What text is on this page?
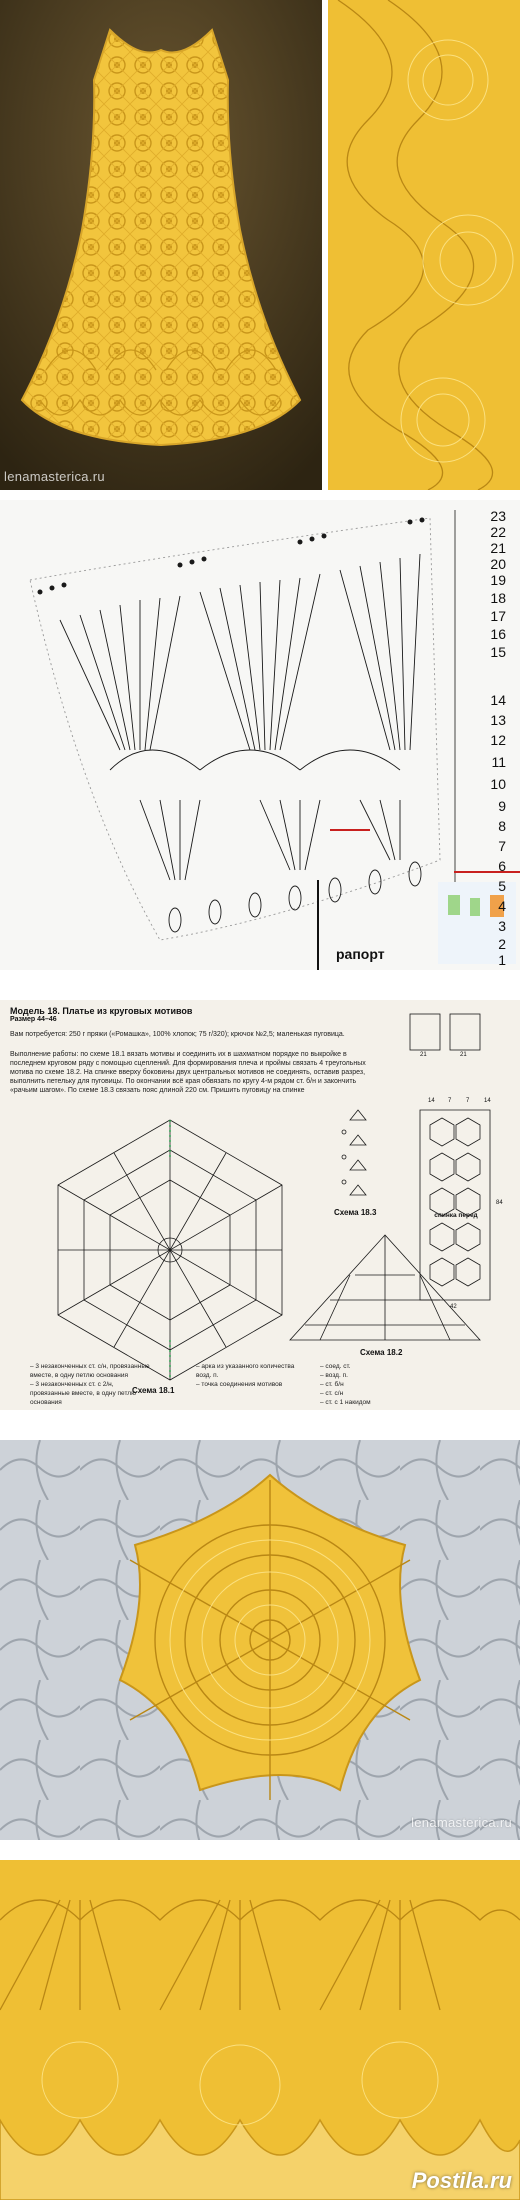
lenamasterica.ru
23
22
21
20
19
18
17
16
15
14
13
12
11
10
9
8
7
6
5
4
3
2
1
рапорт
Модель 18. Платье из круговых мотивов
Размер 44–46
Вам потребуется: 250 г пряжи («Ромашка», 100% хлопок; 75 г/320); крючок №2,5; маленькая пуговица.
Выполнение работы: по схеме 18.1 вязать мотивы и соединить их в шахматном порядке по выкройке в последнем круговом ряду с помощью сцеплений. Для формирования плеча и проймы связать 4 треугольных мотива по схеме 18.2. На спинке вверху боковины двух центральных мотивов не соединять, оставив разрез, выполнить петельку для пуговицы. По окончании всё края обвязать по кругу 4-м рядом ст. б/н и закончить «рачьим шагом». По схеме 18.3 связать пояс длиной 220 см. Пришить пуговицу на спинке
Схема 18.1
Схема 18.2
Схема 18.3	спинка перед
14 7 7 14
21	21
42
84
– 3 незаконченных ст. с/н, провязанные вместе, в одну петлю основания
– 3 незаконченных ст. с 2/н, провязанные вместе, в одну петлю основания
– арка из указанного количества возд. п.
– точка соединения мотивов
– соед. ст.
– возд. п.
– ст. б/н
– ст. с/н
– ст. с 1 накидом
lenamasterica.ru
Postila.ru
